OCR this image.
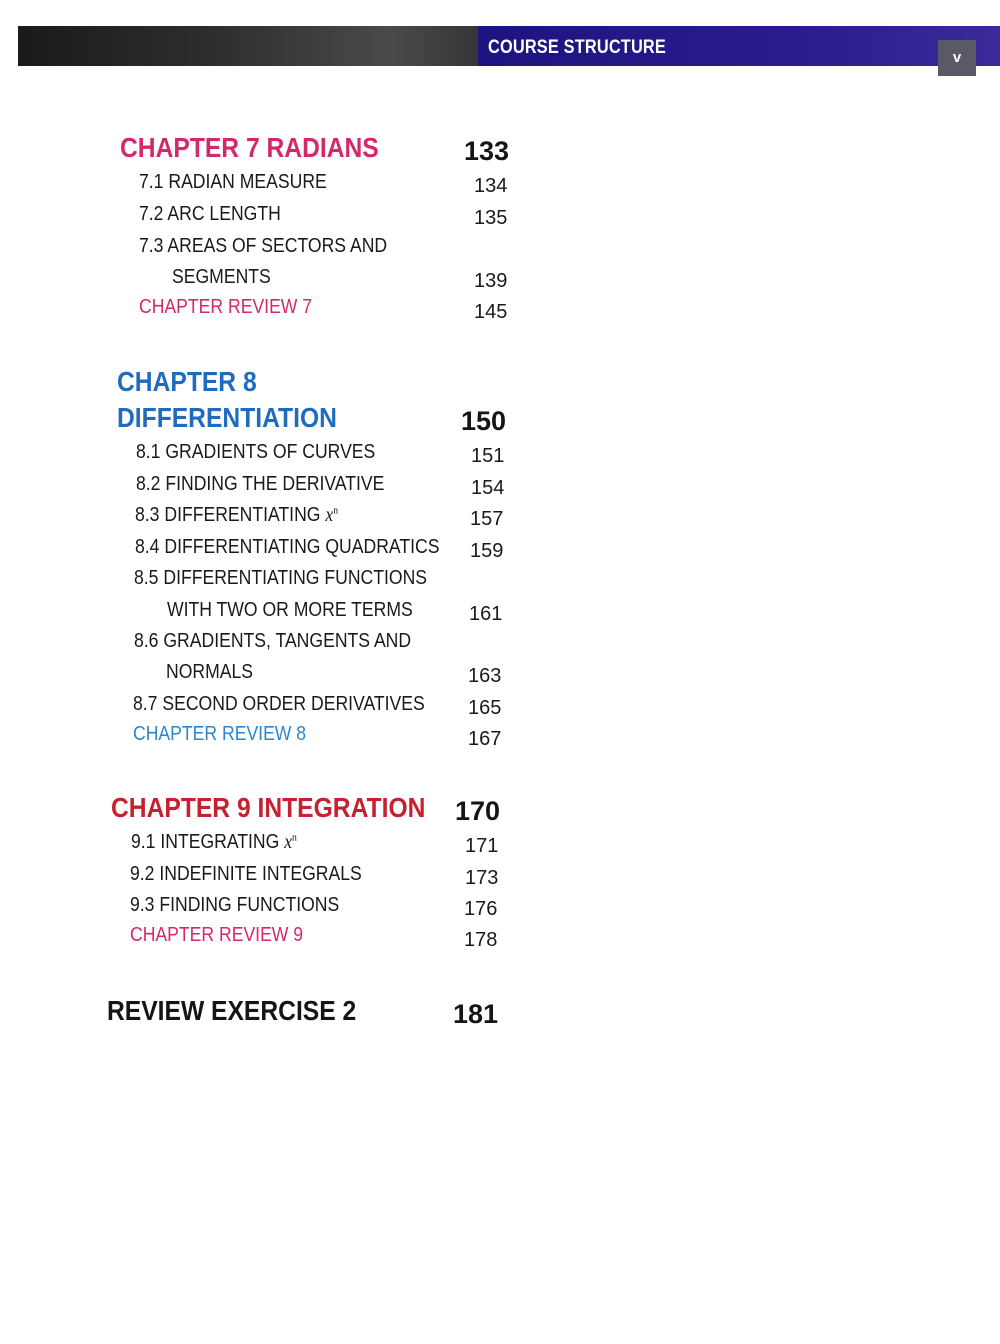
COURSE STRUCTURE	v
CHAPTER 7 RADIANS	133
7.1 RADIAN MEASURE	134
7.2 ARC LENGTH	135
7.3 AREAS OF SECTORS AND
SEGMENTS	139
CHAPTER REVIEW 7	145
CHAPTER 8
DIFFERENTIATION	150
8.1 GRADIENTS OF CURVES	151
8.2 FINDING THE DERIVATIVE	154
8.3 DIFFERENTIATING $x^n$	157
8.4 DIFFERENTIATING QUADRATICS	159
8.5 DIFFERENTIATING FUNCTIONS
WITH TWO OR MORE TERMS	161
8.6 GRADIENTS, TANGENTS AND
NORMALS	163
8.7 SECOND ORDER DERIVATIVES	165
CHAPTER REVIEW 8	167
CHAPTER 9 INTEGRATION	170
9.1 INTEGRATING $x^n$	171
9.2 INDEFINITE INTEGRALS	173
9.3 FINDING FUNCTIONS	176
CHAPTER REVIEW 9	178
REVIEW EXERCISE 2	181
